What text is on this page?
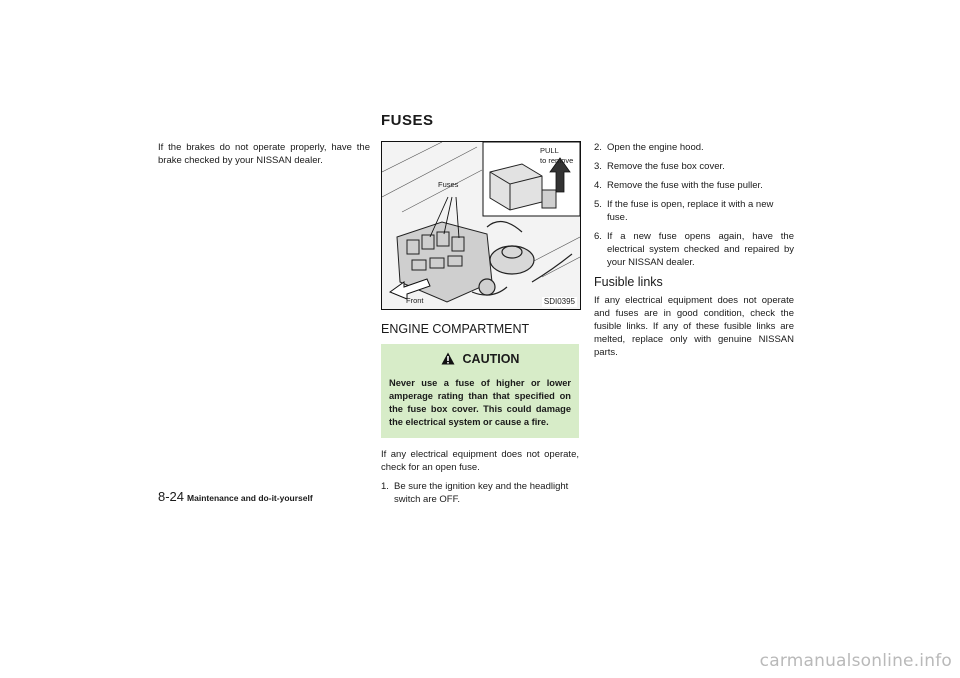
FUSES

If the brakes do not operate properly, have the brake checked by your NISSAN dealer.

PULL
to remove
Fuses
Front	SDI0395
ENGINE COMPARTMENT
CAUTION
Never use a fuse of higher or lower amperage rating than that specified on the fuse box cover. This could damage the electrical system or cause a fire.

If any electrical equipment does not operate, check for an open fuse.

1. Be sure the ignition key and the headlight switch are OFF.
2. Open the engine hood.
3. Remove the fuse box cover.
4. Remove the fuse with the fuse puller.
5. If the fuse is open, replace it with a new fuse.
6. If a new fuse opens again, have the electrical system checked and repaired by your NISSAN dealer.
Fusible links

If any electrical equipment does not operate and fuses are in good condition, check the fusible links. If any of these fusible links are melted, replace only with genuine NISSAN parts.

8-24 Maintenance and do-it-yourself
carmanualsonline.info
